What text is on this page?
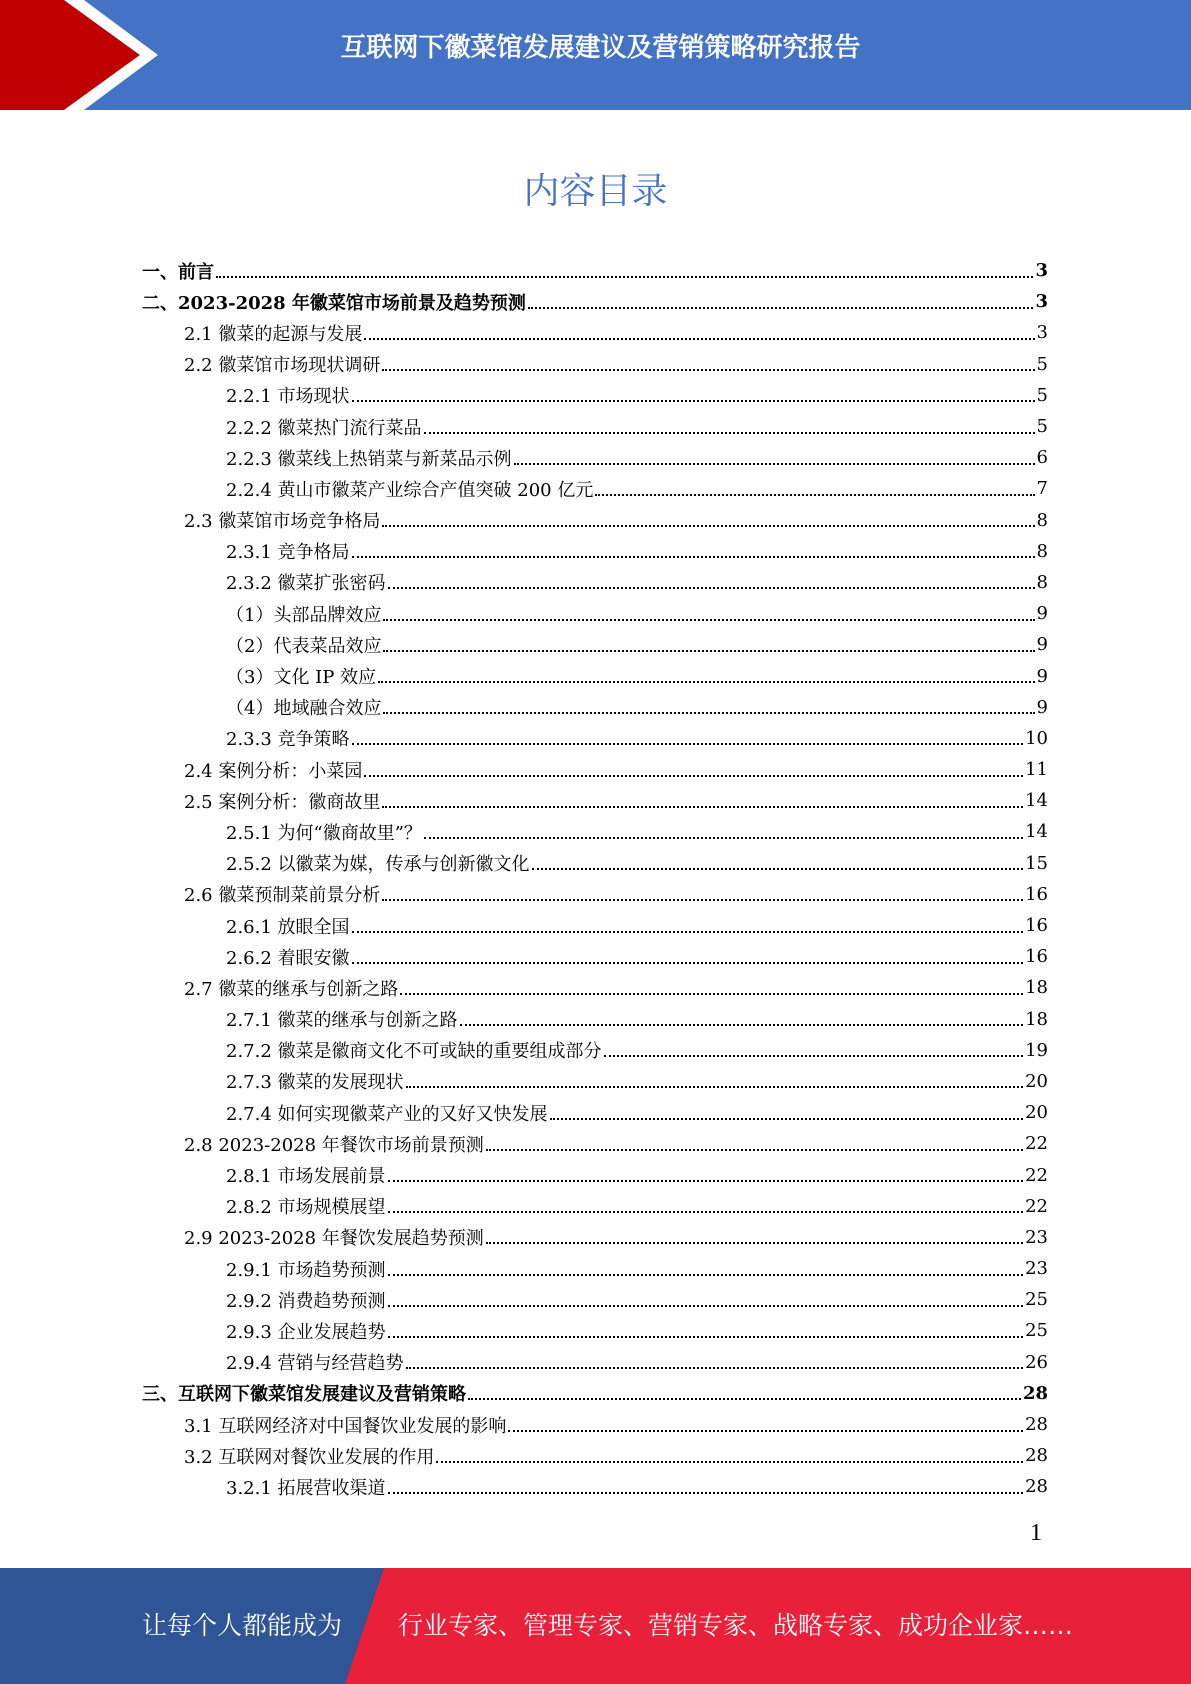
互联网下徽菜馆发展建议及营销策略研究报告
内容目录
一、前言	3
二、2023-2028 年徽菜馆市场前景及趋势预测	3
2.1 徽菜的起源与发展	3
2.2 徽菜馆市场现状调研	5
2.2.1 市场现状	5
2.2.2 徽菜热门流行菜品	5
2.2.3 徽菜线上热销菜与新菜品示例	6
2.2.4 黄山市徽菜产业综合产值突破 200 亿元	7
2.3 徽菜馆市场竞争格局	8
2.3.1 竞争格局	8
2.3.2 徽菜扩张密码	8
（1）头部品牌效应	9
（2）代表菜品效应	9
（3）文化 IP 效应	9
（4）地域融合效应	9
2.3.3 竞争策略	10
2.4 案例分析：小菜园	11
2.5 案例分析：徽商故里	14
2.5.1 为何“徽商故里”？	14
2.5.2 以徽菜为媒，传承与创新徽文化	15
2.6 徽菜预制菜前景分析	16
2.6.1 放眼全国	16
2.6.2 着眼安徽	16
2.7 徽菜的继承与创新之路	18
2.7.1 徽菜的继承与创新之路	18
2.7.2 徽菜是徽商文化不可或缺的重要组成部分	19
2.7.3 徽菜的发展现状	20
2.7.4 如何实现徽菜产业的又好又快发展	20
2.8 2023-2028 年餐饮市场前景预测	22
2.8.1 市场发展前景	22
2.8.2 市场规模展望	22
2.9 2023-2028 年餐饮发展趋势预测	23
2.9.1 市场趋势预测	23
2.9.2 消费趋势预测	25
2.9.3 企业发展趋势	25
2.9.4 营销与经营趋势	26
三、互联网下徽菜馆发展建议及营销策略	28
3.1 互联网经济对中国餐饮业发展的影响	28
3.2 互联网对餐饮业发展的作用	28
3.2.1 拓展营收渠道	28
1
让每个人都能成为 行业专家、管理专家、营销专家、战略专家、成功企业家……
